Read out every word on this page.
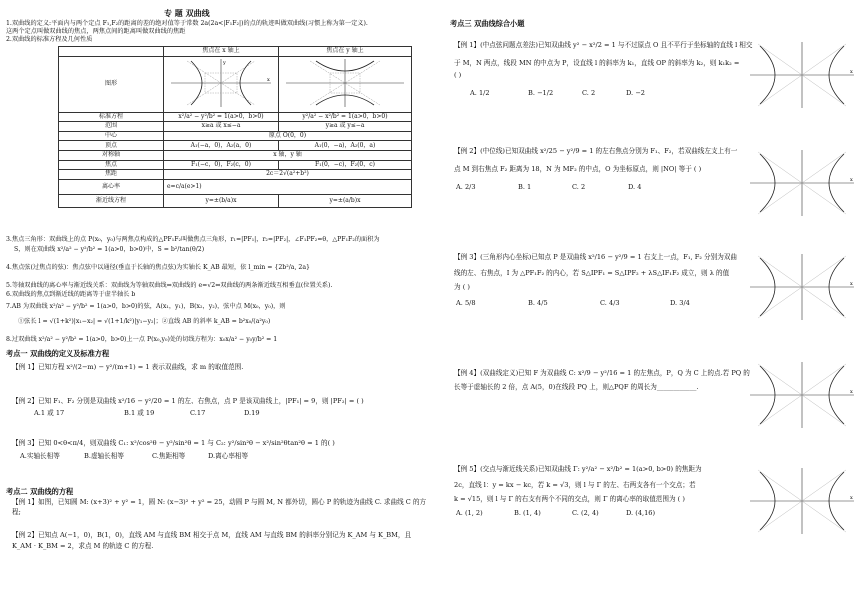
专 题 双曲线
1.双曲线的定义:平面内与两个定点 F₁,F₂的距离的差的绝对值等于常数 2a(2a<|F₁F₂|)的点的轨迹叫做双曲线(习惯上称为第一定义).
这两个定点叫做双曲线的焦点，两焦点间的距离叫做双曲线的焦距
2.双曲线的标准方程及几何性质
	焦点在 x 轴上	焦点在 y 轴上
图形	x
y

标准方程	x²/a² − y²/b² = 1(a>0，b>0)	y²/a² − x²/b² = 1(a>0，b>0)
范围	x≥a 或 x≤−a	y≥a 或 y≤−a
中心	原点 O(0，0)	
顶点	A₁(−a，0)，A₂(a，0)	A₁(0，−a)，A₂(0，a)
对称轴	x 轴，y 轴	
焦点	F₁(−c，0)，F₂(c，0)	F₁(0，−c)，F₂(0，c)
焦距	2c＝2√(a²+b²)	
离心率	e=c/a(e>1)	
渐近线方程	y=±(b/a)x	y=±(a/b)x
3.焦点三角形：双曲线上的点 P(x₀，y₀)与两焦点构成的△PF₁F₂叫做焦点三角形，r₁=|PF₁|，r₂=|PF₂|，∠F₁PF₂=θ，△PF₁F₂的面积为
S，则在双曲线 x²/a² − y²/b² = 1(a>0，b>0)中，S = b²/tan(θ/2)
4.焦点弦(过焦点的弦)：焦点弦中以通径(垂直于长轴的焦点弦)为实轴长 K_AB 最短，依 l_min = {2b²/a, 2a}
5.等轴双曲线的离心率与渐近线关系：双曲线为等轴双曲线⇔双曲线的 e=√2⇔双曲线的两条渐近线互相垂直(位置关系).
6.双曲线的焦点到渐近线的距离等于虚半轴长 b
7.AB 为双曲线 x²/a² − y²/b² = 1(a>0，b>0)的弦，A(x₁，y₁)，B(x₂，y₂)，弦中点 M(x₀，y₀)，则
①弦长 l = √(1+k²)|x₁−x₂| = √(1+1/k²)|y₁−y₂|；②直线 AB 的斜率 k_AB = b²x₀/(a²y₀)
8.过双曲线 x²/a² − y²/b² = 1(a>0，b>0)上一点 P(x₀,y₀)处的切线方程为：x₀x/a² − y₀y/b² = 1
考点一 双曲线的定义及标准方程
【例 1】已知方程 x²/(2−m) − y²/(m+1) = 1 表示双曲线，求 m 的取值范围.
【例 2】已知 F₁、F₂ 分别是双曲线 x²/16 − y²/20 = 1 的左、右焦点，点 P 是该双曲线上，|PF₁| = 9，则 |PF₂| = ( )
A.1 或 17	B.1 或 19	C.17	D.19
【例 3】已知 0<θ<π/4，则双曲线 C₁: x²/cos²θ − y²/sin²θ = 1 与 C₂: y²/sin²θ − x²/sin²θtan²θ = 1 的( )
A.实轴长相等	B.虚轴长相等	C.焦距相等	D.离心率相等
考点二 双曲线的方程
【例 1】如图，已知圆 M: (x+3)² + y² = 1，圆 N: (x−3)² + y² = 25，动圆 P 与圆 M, N 都外切，圆心 P 的轨迹为曲线 C. 求曲线 C 的方
程;
【例 2】已知点 A(−1，0)，B(1，0)，直线 AM 与直线 BM 相交于点 M，直线 AM 与直线 BM 的斜率分别记为 K_AM 与 K_BM，且
K_AM · K_BM = 2，求点 M 的轨迹 C 的方程.
考点三 双曲线综合小题
【例 1】(中点弦问题点差法)已知双曲线 y² − x²/2 = 1 与不过原点 O 且不平行于坐标轴的直线 l 相交
于 M，N 两点，线段 MN 的中点为 P，设直线 l 的斜率为 k₁，直线 OP 的斜率为 k₂，则 k₁k₂ =
( )
A. 1/2	B. −1/2	C. 2	D. −2
【例 2】(中位线)已知双曲线 x²/25 − y²/9 = 1 的左右焦点分别为 F₁、F₂，若双曲线左支上有一
点 M 到右焦点 F₂ 距离为 18，N 为 MF₂ 的中点，O 为坐标原点，则 |NO| 等于 ( )
A. 2/3	B. 1	C. 2	D. 4
【例 3】(三角形内心坐标)已知点 P 是双曲线 x²/16 − y²/9 = 1 右支上一点，F₁, F₂ 分别为双曲
线的左、右焦点，I 为 △PF₁F₂ 的内心，若 S△IPF₁ = S△IPF₂ + λS△IF₁F₂ 成立，则 λ 的值
为 ( )
A. 5/8	B. 4/5	C. 4/3	D. 3/4
【例 4】(双曲线定义)已知 F 为双曲线 C: x²/9 − y²/16 = 1 的左焦点，P，Q 为 C 上的点.若 PQ 的
长等于虚轴长的 2 倍，点 A(5，0)在线段 PQ 上，则△PQF 的周长为____________.
【例 5】(交点与渐近线关系)已知双曲线 Γ: y²/a² − x²/b² = 1(a>0, b>0) 的焦距为
2c，直线 l：y = kx − kc，若 k = √3，则 l 与 Γ 的左、右两支各有一个交点；若
k = √15，则 l 与 Γ 的右支有两个不同的交点，则 Γ 的离心率的取值范围为 ( )
A. (1, 2)	B. (1, 4)	C. (2, 4)	D. (4,16)
x
x
x
x
x
